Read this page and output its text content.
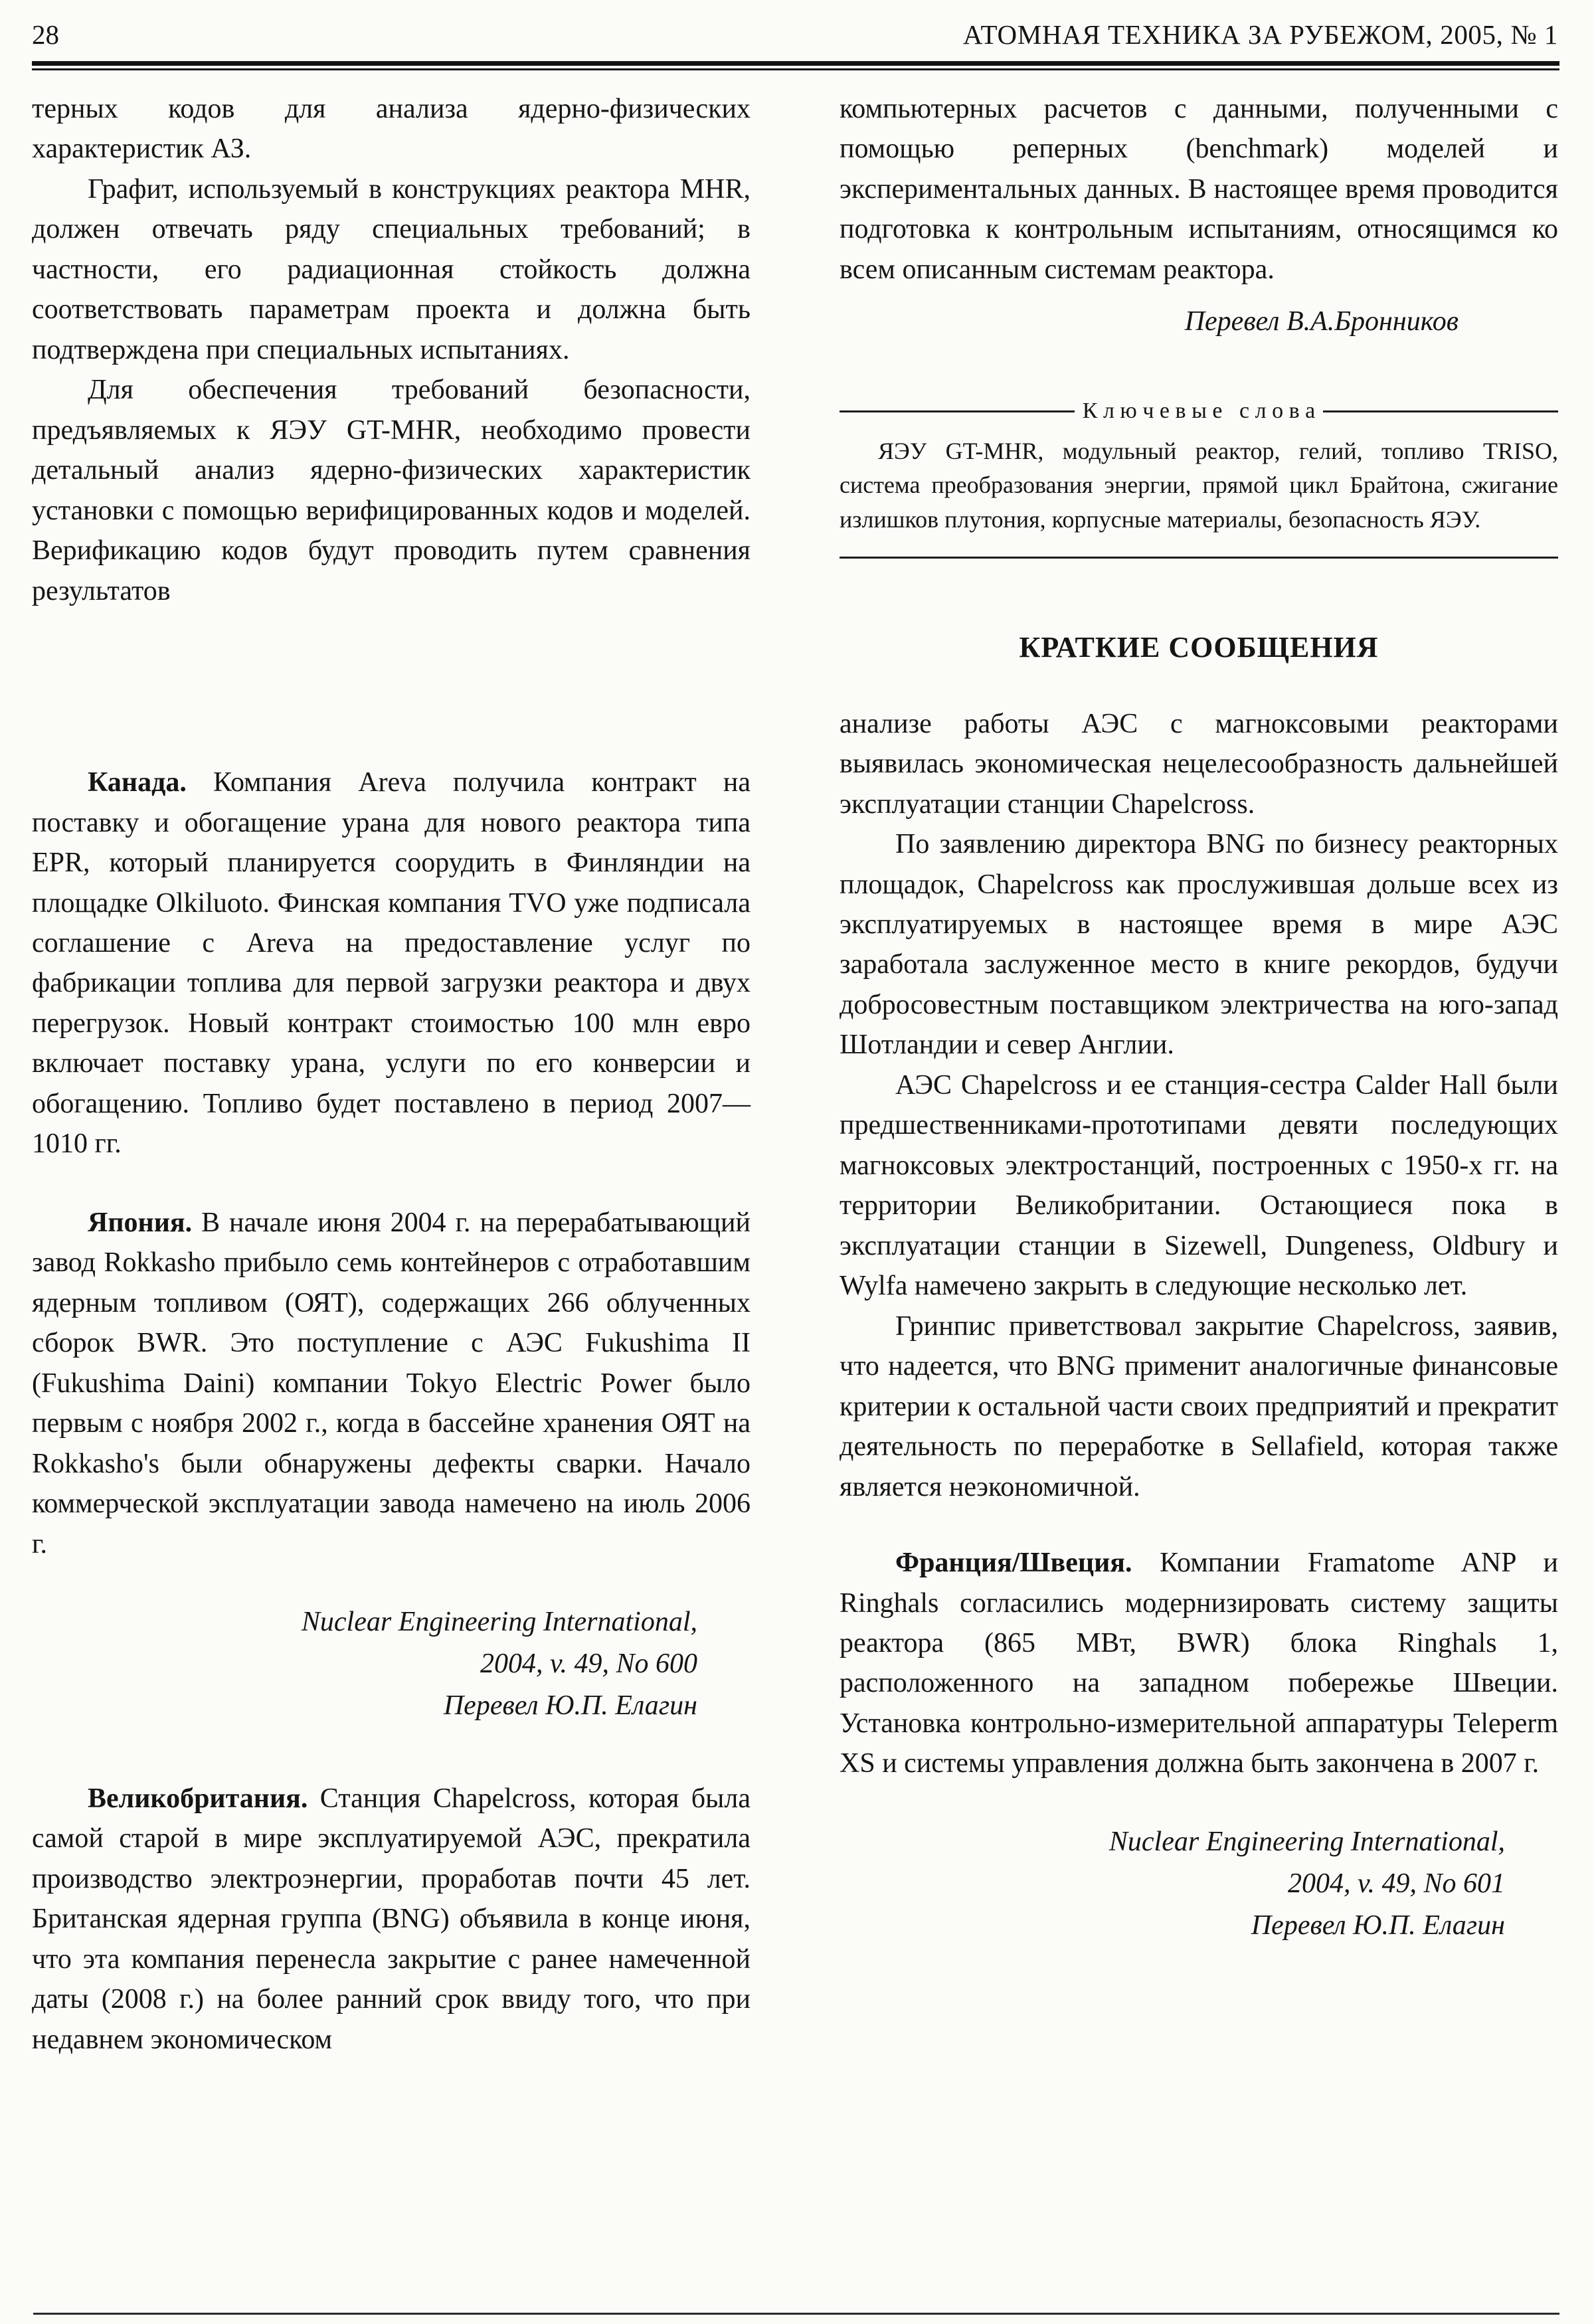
28	АТОМНАЯ ТЕХНИКА ЗА РУБЕЖОМ, 2005, № 1

терных кодов для анализа ядерно-физических характеристик АЗ.

Графит, используемый в конструкциях реактора MHR, должен отвечать ряду специальных требований; в частности, его радиационная стойкость должна соответствовать параметрам проекта и должна быть подтверждена при специальных испытаниях.

Для обеспечения требований безопасности, предъявляемых к ЯЭУ GT-MHR, необходимо провести детальный анализ ядерно-физических характеристик установки с помощью верифицированных кодов и моделей. Верификацию кодов будут проводить путем сравнения результатов

Канада. Компания Areva получила контракт на поставку и обогащение урана для нового реактора типа EPR, который планируется соорудить в Финляндии на площадке Olkiluoto. Финская компания TVO уже подписала соглашение с Areva на предоставление услуг по фабрикации топлива для первой загрузки реактора и двух перегрузок. Новый контракт стоимостью 100 млн евро включает поставку урана, услуги по его конверсии и обогащению. Топливо будет поставлено в период 2007—1010 гг.

Япония. В начале июня 2004 г. на перерабатывающий завод Rokkasho прибыло семь контейнеров с отработавшим ядерным топливом (ОЯТ), содержащих 266 облученных сборок BWR. Это поступление с АЭС Fukushima II (Fukushima Daini) компании Tokyo Electric Power было первым с ноября 2002 г., когда в бассейне хранения ОЯТ на Rokkasho's были обнаружены дефекты сварки. Начало коммерческой эксплуатации завода намечено на июль 2006 г.

Nuclear Engineering International,
2004, v. 49, No 600
Перевел Ю.П. Елагин

Великобритания. Станция Chapelcross, которая была самой старой в мире эксплуатируемой АЭС, прекратила производство электроэнергии, проработав почти 45 лет. Британская ядерная группа (BNG) объявила в конце июня, что эта компания перенесла закрытие с ранее намеченной даты (2008 г.) на более ранний срок ввиду того, что при недавнем экономическом

компьютерных расчетов с данными, полученными с помощью реперных (benchmark) моделей и экспериментальных данных. В настоящее время проводится подготовка к контрольным испытаниям, относящимся ко всем описанным системам реактора.

Перевел В.А.Бронников
К л ю ч е в ы е   с л о в а

ЯЭУ GT-MHR, модульный реактор, гелий, топливо TRISO, система преобразования энергии, прямой цикл Брайтона, сжигание излишков плутония, корпусные материалы, безопасность ЯЭУ.

КРАТКИЕ СООБЩЕНИЯ

анализе работы АЭС с магноксовыми реакторами выявилась экономическая нецелесообразность дальнейшей эксплуатации станции Chapelcross.

По заявлению директора BNG по бизнесу реакторных площадок, Chapelcross как прослужившая дольше всех из эксплуатируемых в настоящее время в мире АЭС заработала заслуженное место в книге рекордов, будучи добросовестным поставщиком электричества на юго-запад Шотландии и север Англии.

АЭС Chapelcross и ее станция-сестра Calder Hall были предшественниками-прототипами девяти последующих магноксовых электростанций, построенных с 1950-х гг. на территории Великобритании. Остающиеся пока в эксплуатации станции в Sizewell, Dungeness, Oldbury и Wylfa намечено закрыть в следующие несколько лет.

Гринпис приветствовал закрытие Chapelcross, заявив, что надеется, что BNG применит аналогичные финансовые критерии к остальной части своих предприятий и прекратит деятельность по переработке в Sellafield, которая также является неэкономичной.

Франция/Швеция. Компании Framatome ANP и Ringhals согласились модернизировать систему защиты реактора (865 МВт, BWR) блока Ringhals 1, расположенного на западном побережье Швеции. Установка контрольно-измерительной аппаратуры Teleperm XS и системы управления должна быть закончена в 2007 г.

Nuclear Engineering International,
2004, v. 49, No 601
Перевел Ю.П. Елагин
